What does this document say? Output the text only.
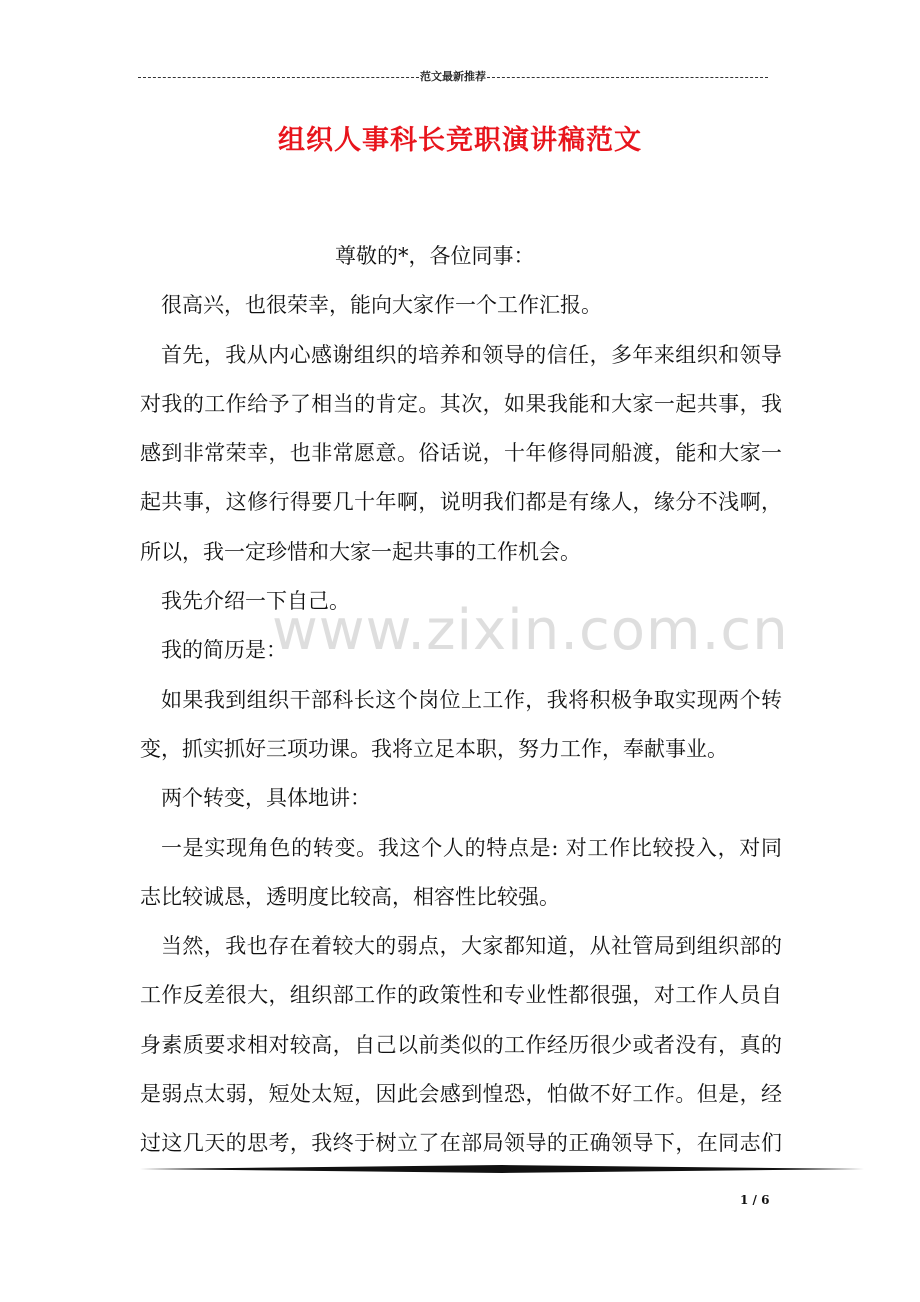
范文最新推荐
组织人事科长竞职演讲稿范文
www.zixin.com.cn
尊敬的*，各位同事：
很高兴，也很荣幸，能向大家作一个工作汇报。
首先，我从内心感谢组织的培养和领导的信任，多年来组织和领导
对我的工作给予了相当的肯定。其次，如果我能和大家一起共事，我
感到非常荣幸，也非常愿意。俗话说，十年修得同船渡，能和大家一
起共事，这修行得要几十年啊，说明我们都是有缘人，缘分不浅啊，
所以，我一定珍惜和大家一起共事的工作机会。
我先介绍一下自己。
我的简历是：
如果我到组织干部科长这个岗位上工作，我将积极争取实现两个转
变，抓实抓好三项功课。我将立足本职，努力工作，奉献事业。
两个转变，具体地讲：
一是实现角色的转变。我这个人的特点是: 对工作比较投入，对同
志比较诚恳，透明度比较高，相容性比较强。
当然，我也存在着较大的弱点，大家都知道，从社管局到组织部的
工作反差很大，组织部工作的政策性和专业性都很强，对工作人员自
身素质要求相对较高，自己以前类似的工作经历很少或者没有，真的
是弱点太弱，短处太短，因此会感到惶恐，怕做不好工作。但是，经
过这几天的思考，我终于树立了在部局领导的正确领导下，在同志们
1 / 6
